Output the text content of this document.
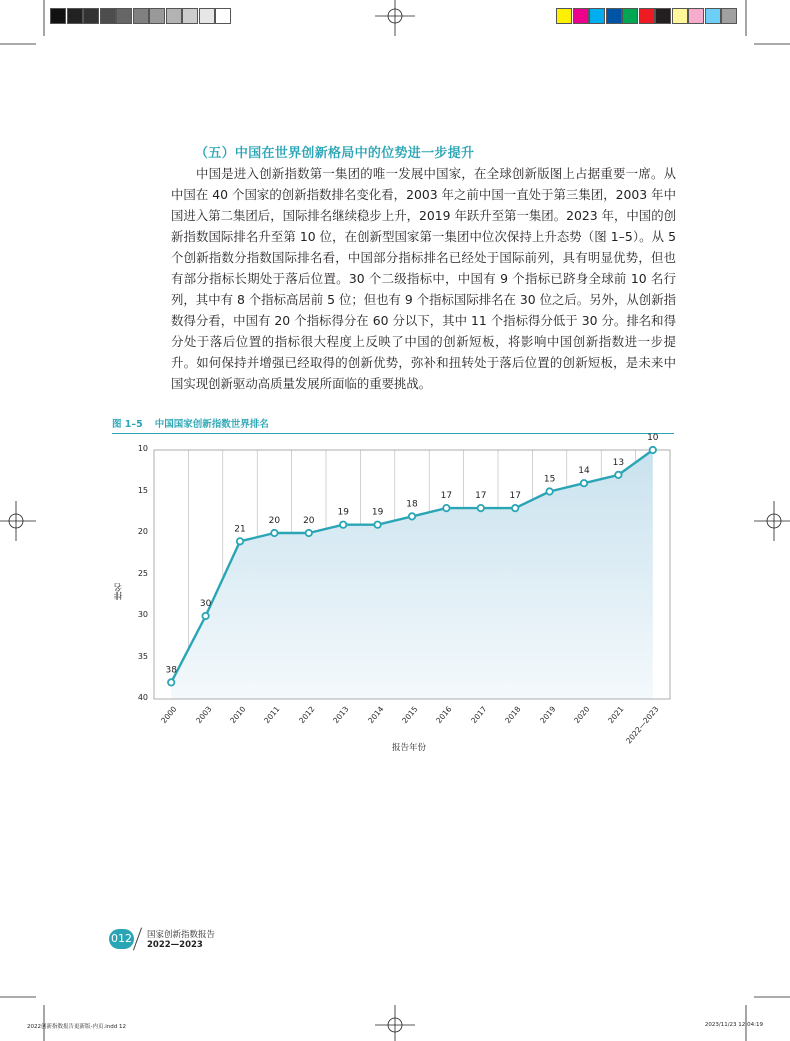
（五）中国在世界创新格局中的位势进一步提升

中国是进入创新指数第一集团的唯一发展中国家，在全球创新版图上占据重要一席。从中国在 40 个国家的创新指数排名变化看，2003 年之前中国一直处于第三集团，2003 年中国进入第二集团后，国际排名继续稳步上升，2019 年跃升至第一集团。2023 年，中国的创新指数国际排名升至第 10 位，在创新型国家第一集团中位次保持上升态势（图 1–5）。从 5 个创新指数分指数国际排名看，中国部分指标排名已经处于国际前列，具有明显优势，但也有部分指标长期处于落后位置。30 个二级指标中，中国有 9 个指标已跻身全球前 10 名行列，其中有 8 个指标高居前 5 位；但也有 9 个指标国际排名在 30 位之后。另外，从创新指数得分看，中国有 20 个指标得分在 60 分以下，其中 11 个指标得分低于 30 分。排名和得分处于落后位置的指标很大程度上反映了中国的创新短板，将影响中国创新指数进一步提升。如何保持并增强已经取得的创新优势，弥补和扭转处于落后位置的创新短板，是未来中国实现创新驱动高质量发展所面临的重要挑战。

图 1–5 中国国家创新指数世界排名
38
30
21
20	20
19	19
18
17	17	17
15
14
13
10
10
15
20
25
30
35
40
2000	2003	2010	2011	2012	2013	2014	2015	2016	2017	2018	2019	2020	2021
2022—2023
排名
报告年份
012 国家创新指数报告
2022—2023
2022创新指数报告更新版-内页.indd 12	2023/11/23 12:04:19
